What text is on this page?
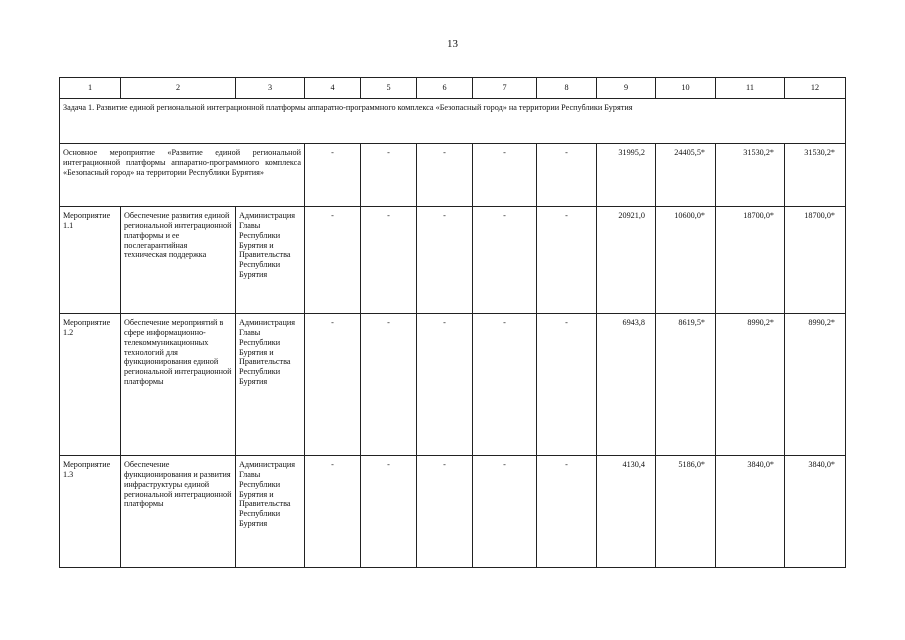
13
1	2	3	4	5	6	7	8	9	10	11	12
Задача 1. Развитие единой региональной интеграционной платформы аппаратно-программного комплекса «Безопасный город» на территории Республики Бурятия											
Основное мероприятие «Развитие единой региональной интеграционной платформы аппаратно-программного комплекса «Безопасный город» на территории Республики Бурятия»			-	-	-	-	-	31995,2	24405,5*	31530,2*	31530,2*
Мероприятие 1.1	Обеспечение развития единой региональной интеграционной платформы и ее послегарантийная техническая поддержка	Администрация Главы Республики Бурятия и Правительства Республики Бурятия	-	-	-	-	-	20921,0	10600,0*	18700,0*	18700,0*
Мероприятие 1.2	Обеспечение мероприятий в сфере информационно-телекоммуникационных технологий для функционирования единой региональной интеграционной платформы	Администрация Главы Республики Бурятия и Правительства Республики Бурятия	-	-	-	-	-	6943,8	8619,5*	8990,2*	8990,2*
Мероприятие 1.3	Обеспечение функционирования и развития инфраструктуры единой региональной интеграционной платформы	Администрация Главы Республики Бурятия и Правительства Республики Бурятия	-	-	-	-	-	4130,4	5186,0*	3840,0*	3840,0*
